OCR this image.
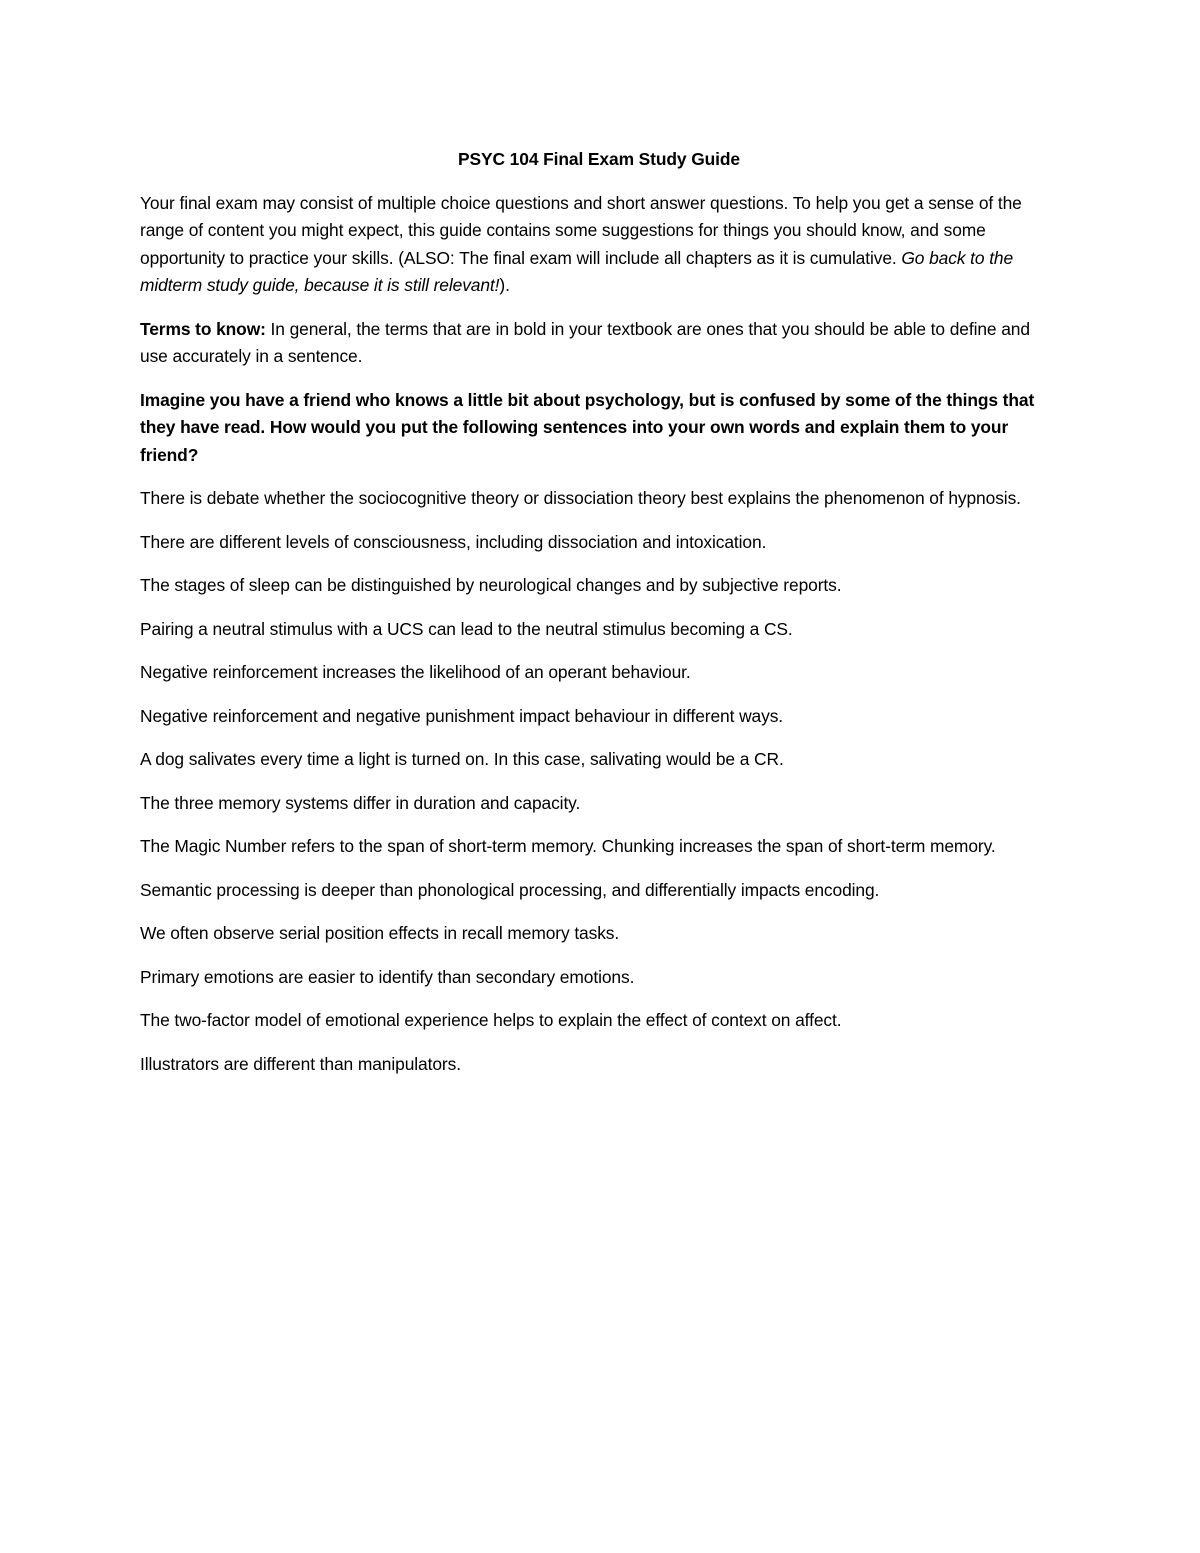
PSYC 104 Final Exam Study Guide

Your final exam may consist of multiple choice questions and short answer questions. To help you get a sense of the range of content you might expect, this guide contains some suggestions for things you should know, and some opportunity to practice your skills. (ALSO: The final exam will include all chapters as it is cumulative. Go back to the midterm study guide, because it is still relevant!).

Terms to know: In general, the terms that are in bold in your textbook are ones that you should be able to define and use accurately in a sentence.

Imagine you have a friend who knows a little bit about psychology, but is confused by some of the things that they have read. How would you put the following sentences into your own words and explain them to your friend?

There is debate whether the sociocognitive theory or dissociation theory best explains the phenomenon of hypnosis.

There are different levels of consciousness, including dissociation and intoxication.

The stages of sleep can be distinguished by neurological changes and by subjective reports.

Pairing a neutral stimulus with a UCS can lead to the neutral stimulus becoming a CS.

Negative reinforcement increases the likelihood of an operant behaviour.

Negative reinforcement and negative punishment impact behaviour in different ways.

A dog salivates every time a light is turned on. In this case, salivating would be a CR.

The three memory systems differ in duration and capacity.

The Magic Number refers to the span of short-term memory. Chunking increases the span of short-term memory.

Semantic processing is deeper than phonological processing, and differentially impacts encoding.

We often observe serial position effects in recall memory tasks.

Primary emotions are easier to identify than secondary emotions.

The two-factor model of emotional experience helps to explain the effect of context on affect.

Illustrators are different than manipulators.
